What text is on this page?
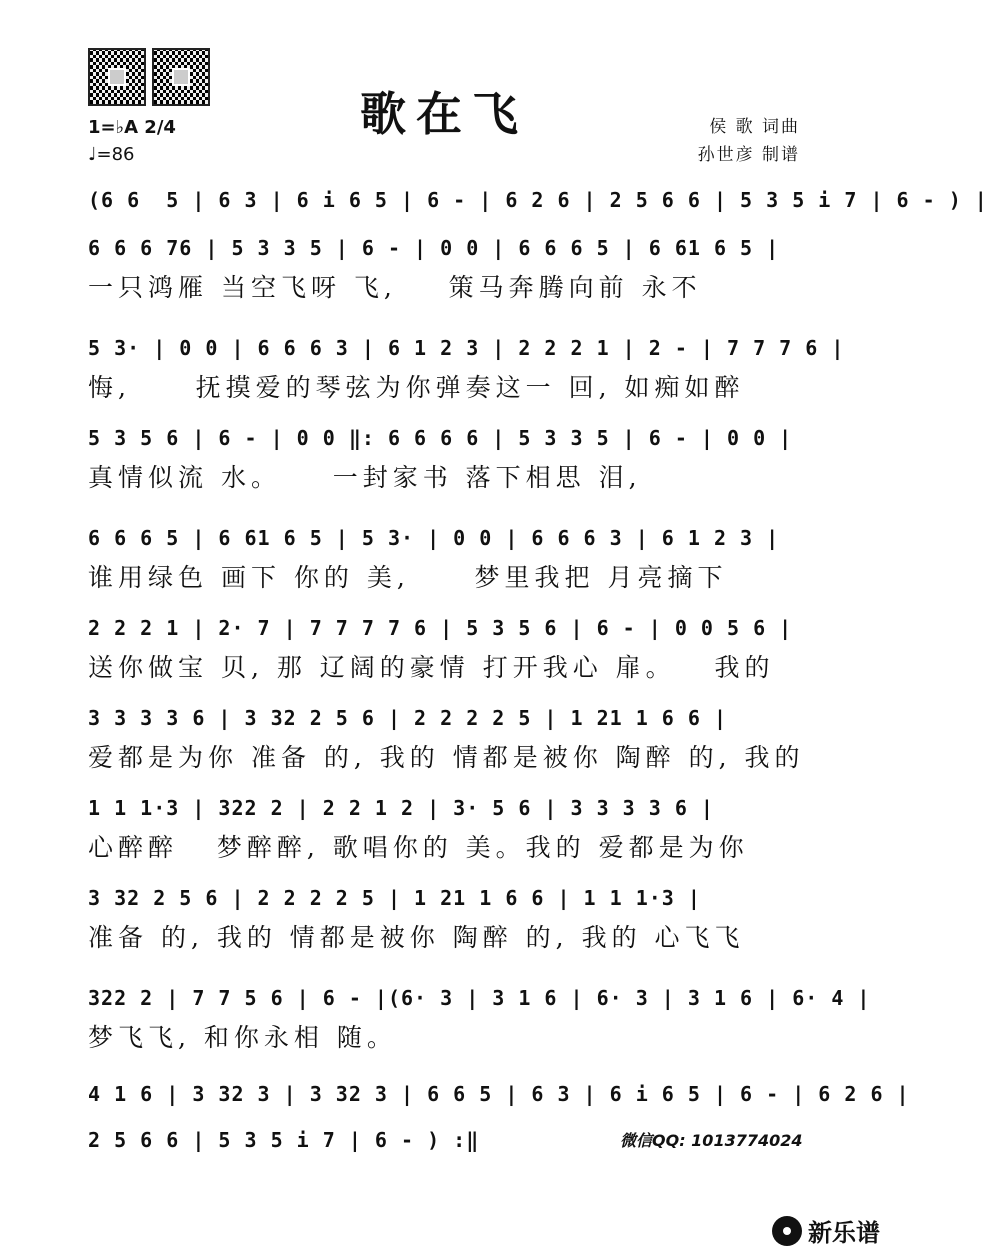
歌在飞
1=♭A 2/4
♩=86
侯 歌 词曲
孙世彦 制谱
(6 6  5 | 6 3 | 6 i 6 5 | 6 - | 6 2 6 | 2 5 6 6 | 5 3 5 i 7 | 6 - ) |
6 6 6 76 | 5 3 3 5 | 6 - | 0 0 | 6 6 6 5 | 6 61 6 5 |
一只鸿雁 当空飞呀 飞,    策马奔腾向前 永不
5 3· | 0 0 | 6 6 6 3 | 6 1 2 3 | 2 2 2 1 | 2 - | 7 7 7 6 |
悔,     抚摸爱的琴弦为你弹奏这一 回, 如痴如醉
5 3 5 6 | 6 - | 0 0 ‖: 6 6 6 6 | 5 3 3 5 | 6 - | 0 0 |
真情似流 水。    一封家书 落下相思 泪,
6 6 6 5 | 6 61 6 5 | 5 3· | 0 0 | 6 6 6 3 | 6 1 2 3 |
谁用绿色 画下 你的 美,     梦里我把 月亮摘下
2 2 2 1 | 2· 7 | 7 7 7 7 6 | 5 3 5 6 | 6 - | 0 0 5 6 |
送你做宝 贝, 那 辽阔的豪情 打开我心 扉。   我的
3 3 3 3 6 | 3 32 2 5 6 | 2 2 2 2 5 | 1 21 1 6 6 |
爱都是为你 准备 的, 我的 情都是被你 陶醉 的, 我的
1 1 1·3 | 322 2 | 2 2 1 2 | 3· 5 6 | 3 3 3 3 6 |
心醉醉   梦醉醉, 歌唱你的 美。我的 爱都是为你
3 32 2 5 6 | 2 2 2 2 5 | 1 21 1 6 6 | 1 1 1·3 |
准备 的, 我的 情都是被你 陶醉 的, 我的 心飞飞
322 2 | 7 7 5 6 | 6 - |(6· 3 | 3 1 6 | 6· 3 | 3 1 6 | 6· 4 |
梦飞飞, 和你永相 随。
4 1 6 | 3 32 3 | 3 32 3 | 6 6 5 | 6 3 | 6 i 6 5 | 6 - | 6 2 6 |
2 5 6 6 | 5 3 5 i 7 | 6 - ) :‖	微信QQ: 1013774024
新乐谱
